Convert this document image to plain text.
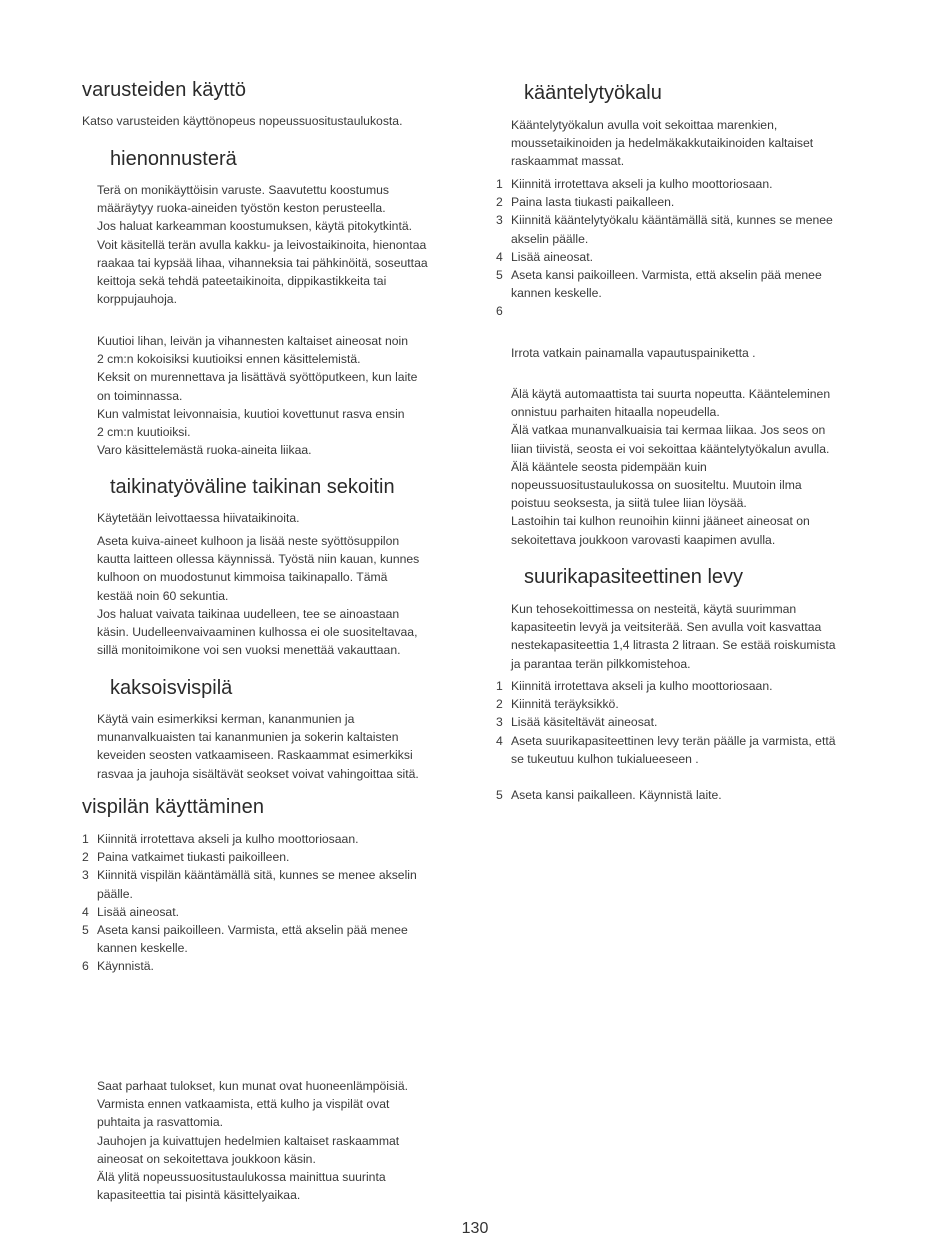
varusteiden käyttö
Katso varusteiden käyttönopeus nopeussuositustaulukosta.
hienonnusterä
Terä on monikäyttöisin varuste. Saavutettu koostumus
määräytyy ruoka-aineiden työstön keston perusteella.
Jos haluat karkeamman koostumuksen, käytä pitokytkintä.
Voit käsitellä terän avulla kakku- ja leivostaikinoita, hienontaa
raakaa tai kypsää lihaa, vihanneksia tai pähkinöitä, soseuttaa
keittoja sekä tehdä pateetaikinoita, dippikastikkeita tai
korppujauhoja.
Kuutioi lihan, leivän ja vihannesten kaltaiset aineosat noin
2 cm:n kokoisiksi kuutioiksi ennen käsittelemistä.
Keksit on murennettava ja lisättävä syöttöputkeen, kun laite
on toiminnassa.
Kun valmistat leivonnaisia, kuutioi kovettunut rasva ensin
2 cm:n kuutioiksi.
Varo käsittelemästä ruoka-aineita liikaa.
taikinatyöväline taikinan sekoitin
Käytetään leivottaessa hiivataikinoita.
Aseta kuiva-aineet kulhoon ja lisää neste syöttösuppilon
kautta laitteen ollessa käynnissä. Työstä niin kauan, kunnes
kulhoon on muodostunut kimmoisa taikinapallo. Tämä
kestää noin 60 sekuntia.
Jos haluat vaivata taikinaa uudelleen, tee se ainoastaan
käsin. Uudelleenvaivaaminen kulhossa ei ole suositeltavaa,
sillä monitoimikone voi sen vuoksi menettää vakauttaan.
kaksoisvispilä
Käytä vain esimerkiksi kerman, kananmunien ja
munanvalkuaisten tai kananmunien ja sokerin kaltaisten
keveiden seosten vatkaamiseen. Raskaammat esimerkiksi
rasvaa ja jauhoja sisältävät seokset voivat vahingoittaa sitä.
vispilän käyttäminen
1 Kiinnitä irrotettava akseli ja kulho moottoriosaan.
2 Paina vatkaimet tiukasti paikoilleen.
3 Kiinnitä vispilän kääntämällä sitä, kunnes se menee akselin
päälle.
4 Lisää aineosat.
5 Aseta kansi paikoilleen. Varmista, että akselin pää menee
kannen keskelle.
6 Käynnistä.
Saat parhaat tulokset, kun munat ovat huoneenlämpöisiä.
Varmista ennen vatkaamista, että kulho ja vispilät ovat
puhtaita ja rasvattomia.
Jauhojen ja kuivattujen hedelmien kaltaiset raskaammat
aineosat on sekoitettava joukkoon käsin.
Älä ylitä nopeussuositustaulukossa mainittua suurinta
kapasiteettia tai pisintä käsittelyaikaa.
kääntelytyökalu
Kääntelytyökalun avulla voit sekoittaa marenkien,
moussetaikinoiden ja hedelmäkakkutaikinoiden kaltaiset
raskaammat massat.
1 Kiinnitä irrotettava akseli ja kulho moottoriosaan.
2 Paina lasta tiukasti paikalleen.
3 Kiinnitä kääntelytyökalu kääntämällä sitä, kunnes se menee
akselin päälle.
4 Lisää aineosat.
5 Aseta kansi paikoilleen. Varmista, että akselin pää menee
kannen keskelle.
6
Irrota vatkain painamalla vapautuspainiketta .
Älä käytä automaattista tai suurta nopeutta. Käänteleminen
onnistuu parhaiten hitaalla nopeudella.
Älä vatkaa munanvalkuaisia tai kermaa liikaa. Jos seos on
liian tiivistä, seosta ei voi sekoittaa kääntelytyökalun avulla.
Älä kääntele seosta pidempään kuin
nopeussuositustaulukossa on suositeltu. Muutoin ilma
poistuu seoksesta, ja siitä tulee liian löysää.
Lastoihin tai kulhon reunoihin kiinni jääneet aineosat on
sekoitettava joukkoon varovasti kaapimen avulla.
suurikapasiteettinen levy
Kun tehosekoittimessa on nesteitä, käytä suurimman
kapasiteetin levyä ja veitsiterää. Sen avulla voit kasvattaa
nestekapasiteettia 1,4 litrasta 2 litraan. Se estää roiskumista
ja parantaa terän pilkkomistehoa.
1 Kiinnitä irrotettava akseli ja kulho moottoriosaan.
2 Kiinnitä teräyksikkö.
3 Lisää käsiteltävät aineosat.
4 Aseta suurikapasiteettinen levy terän päälle ja varmista, että
se tukeutuu kulhon tukialueeseen .
5 Aseta kansi paikalleen. Käynnistä laite.
130
